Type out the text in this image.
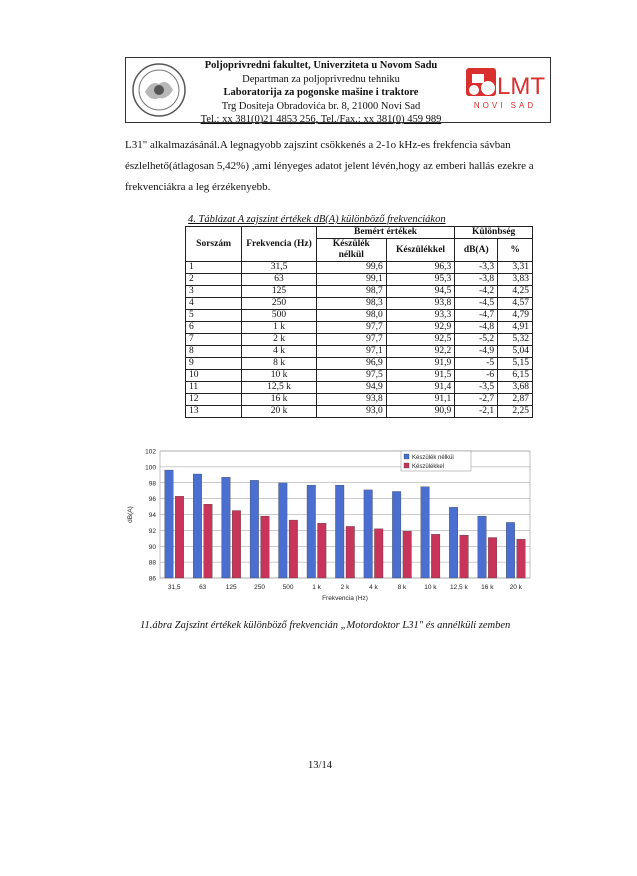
Poljoprivredni fakultet, Univerziteta u Novom Sadu
Departman za poljoprivrednu tehniku
Laboratorija za pogonske mašine i traktore
Trg Dositeja Obradovića br. 8, 21000 Novi Sad
Tel.: xx 381(0)21 4853 256, Tel./Fax.: xx 381(0) 459 989
LMT
NOVI SAD

L31" alkalmazásánál.A legnagyobb zajszint csökkenés a 2-1o kHz-es frekfencia sávban

észlelhető(átlagosan 5,42%) ,ami lényeges adatot jelent lévén,hogy az emberi hallás ezekre a

frekvenciákra a leg érzékenyebb.

4. Táblázat A zajszint értékek dB(A) különböző frekvenciákon
Sorszám	Frekvencia (Hz)	Bemért értékek		Különbség	
		Készülék nélkül	Készülékkel	dB(A)	%
1	31,5	99,6	96,3	-3,3	3,31
2	63	99,1	95,3	-3,8	3,83
3	125	98,7	94,5	-4,2	4,25
4	250	98,3	93,8	-4,5	4,57
5	500	98,0	93,3	-4,7	4,79
6	1 k	97,7	92,9	-4,8	4,91
7	2 k	97,7	92,5	-5,2	5,32
8	4 k	97,1	92,2	-4,9	5,04
9	8 k	96,9	91,9	-5	5,15
10	10 k	97,5	91,5	-6	6,15
11	12,5 k	94,9	91,4	-3,5	3,68
12	16 k	93,8	91,1	-2,7	2,87
13	20 k	93,0	90,9	-2,1	2,25
86
88
90
92
94
96
98
100
102
31,5	63	125	250	500	1 k	2 k	4 k	8 k	10 k 12,5 k 16 k 20 k
Frekvencia (Hz)
dB(A)
Készülék nélkül
Készülékkel
11.ábra Zajszint értékek különböző frekvencián „Motordoktor L31" és annélküli zemben
13/14
